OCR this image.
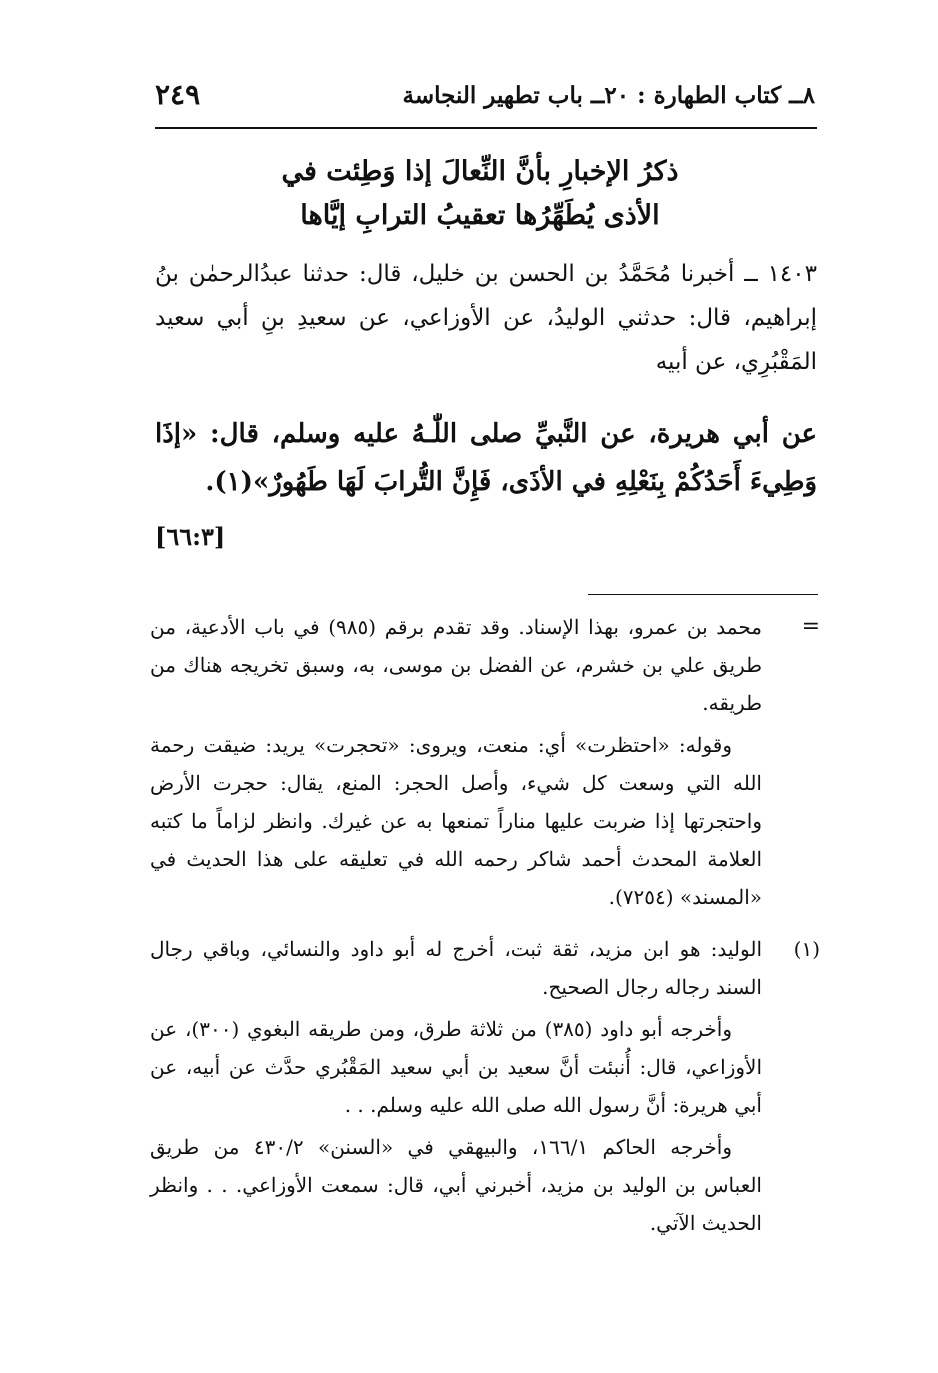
٨ــ كتاب الطهارة : ٢٠ــ باب تطهير النجاسة
٢٤٩
ذكرُ الإخبارِ بأنَّ النِّعالَ إذا وَطِئت في
الأذى يُطَهِّرُها تعقيبُ الترابِ إيَّاها
١٤٠٣ ــ أخبرنا مُحَمَّدُ بن الحسن بن خليل، قال: حدثنا عبدُالرحمٰن بنُ إبراهيم، قال: حدثني الوليدُ، عن الأوزاعي، عن سعيدِ بنِ أبي سعيد المَقْبُرِي، عن أبيه
عن أبي هريرة، عن النَّبيِّ صلى اللّٰـهُ عليه وسلم، قال: «إذَا وَطِيءَ أَحَدُكُمْ بِنَعْلِهِ في الأذَى، فَإِنَّ التُّرابَ لَهَا طَهُورٌ»(١).
[٦٦:٣]

=
محمد بن عمرو، بهذا الإسناد. وقد تقدم برقم (٩٨٥) في باب الأدعية، من طريق علي بن خشرم، عن الفضل بن موسى، به، وسبق تخريجه هناك من طريقه.

وقوله: «احتظرت» أي: منعت، ويروى: «تحجرت» يريد: ضيقت رحمة الله التي وسعت كل شيء، وأصل الحجر: المنع، يقال: حجرت الأرض واحتجرتها إذا ضربت عليها مناراً تمنعها به عن غيرك. وانظر لزاماً ما كتبه العلامة المحدث أحمد شاكر رحمه الله في تعليقه على هذا الحديث في «المسند» (٧٢٥٤).

(١)
الوليد: هو ابن مزيد، ثقة ثبت، أخرج له أبو داود والنسائي، وباقي رجال السند رجاله رجال الصحيح.

وأخرجه أبو داود (٣٨٥) من ثلاثة طرق، ومن طريقه البغوي (٣٠٠)، عن الأوزاعي، قال: أُنبئت أنَّ سعيد بن أبي سعيد المَقْبُري حدَّث عن أبيه، عن أبي هريرة: أنَّ رسول الله صلى الله عليه وسلم. . .

وأخرجه الحاكم ١٦٦/١، والبيهقي في «السنن» ٤٣٠/٢ من طريق العباس بن الوليد بن مزيد، أخبرني أبي، قال: سمعت الأوزاعي. . . وانظر الحديث الآتي.
